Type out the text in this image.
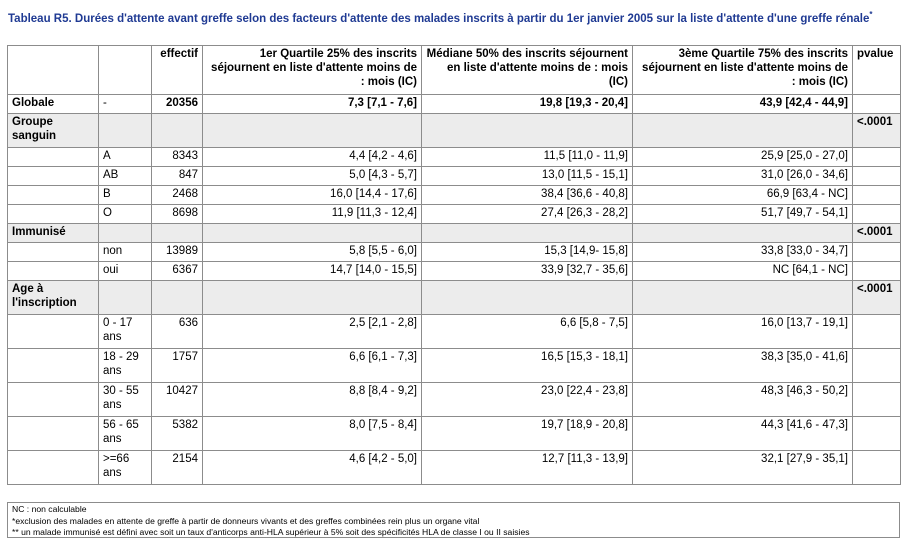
Tableau R5. Durées d'attente avant greffe selon des facteurs d'attente des malades inscrits à partir du 1er janvier 2005 sur la liste d'attente d'une greffe rénale*
		effectif	1er Quartile 25% des inscrits séjournent en liste d'attente moins de : mois (IC)	Médiane 50% des inscrits séjournent en liste d'attente moins de : mois (IC)	3ème Quartile 75% des inscrits séjournent en liste d'attente moins de : mois (IC)	pvalue
Globale	-	20356	7,3 [7,1 - 7,6]	19,8 [19,3 - 20,4]	43,9 [42,4 - 44,9]	
Groupe sanguin						<.0001
	A	8343	4,4 [4,2 - 4,6]	11,5 [11,0 - 11,9]	25,9 [25,0 - 27,0]	
	AB	847	5,0 [4,3 - 5,7]	13,0 [11,5 - 15,1]	31,0 [26,0 - 34,6]	
	B	2468	16,0 [14,4 - 17,6]	38,4 [36,6 - 40,8]	66,9 [63,4 - NC]	
	O	8698	11,9 [11,3 - 12,4]	27,4 [26,3 - 28,2]	51,7 [49,7 - 54,1]	
Immunisé						<.0001
	non	13989	5,8 [5,5 - 6,0]	15,3 [14,9- 15,8]	33,8 [33,0 - 34,7]	
	oui	6367	14,7 [14,0 - 15,5]	33,9 [32,7 - 35,6]	NC [64,1 - NC]	
Age à l'inscription						<.0001
	0 - 17 ans	636	2,5 [2,1 - 2,8]	6,6 [5,8 - 7,5]	16,0 [13,7 - 19,1]	
	18 - 29 ans	1757	6,6 [6,1 - 7,3]	16,5 [15,3 - 18,1]	38,3 [35,0 - 41,6]	
	30 - 55 ans	10427	8,8 [8,4 - 9,2]	23,0 [22,4 - 23,8]	48,3 [46,3 - 50,2]	
	56 - 65 ans	5382	8,0 [7,5 - 8,4]	19,7 [18,9 - 20,8]	44,3 [41,6 - 47,3]	
	>=66 ans	2154	4,6 [4,2 - 5,0]	12,7 [11,3 - 13,9]	32,1 [27,9 - 35,1]	
NC : non calculable
*exclusion des malades en attente de greffe à partir de donneurs vivants et des greffes combinées rein plus un organe vital
** un malade immunisé est défini avec soit un taux d'anticorps anti-HLA supérieur à 5% soit des spécificités HLA de classe I ou II saisies
